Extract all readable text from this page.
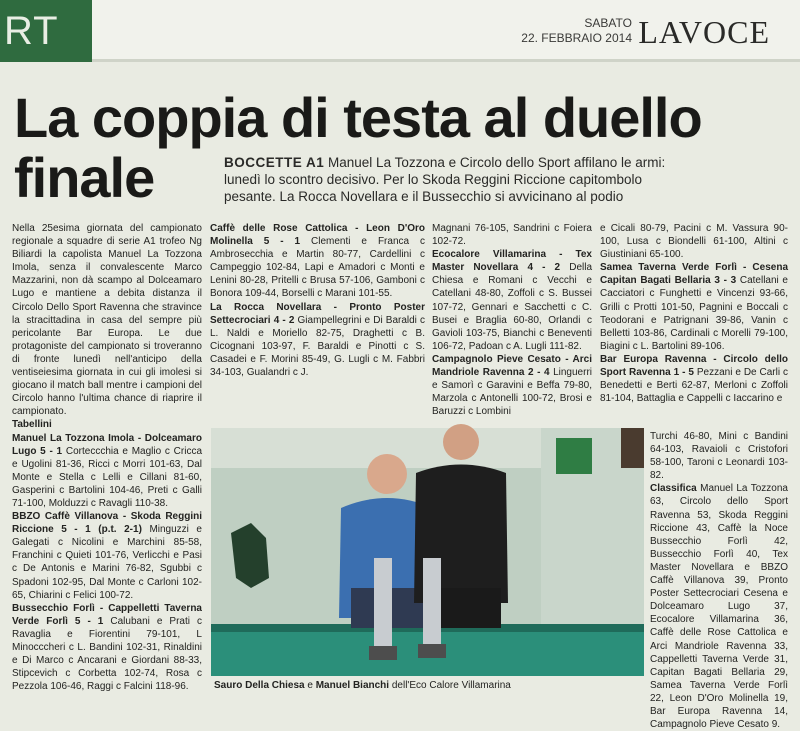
RT	SABATO
22. FEBBRAIO 2014 LAVOCE
La coppia di testa al duello finale	BOCCETTE A1 Manuel La Tozzona e Circolo dello Sport affilano le armi: lunedì lo scontro decisivo. Per lo Skoda Reggini Riccione capitombolo pesante. La Rocca Novellara e il Bussecchio si avvicinano al podio

Nella 25esima giornata del campionato regionale a squadre di serie A1 trofeo Ng Biliardi la capolista Manuel La Tozzona Imola, senza il convalescente Marco Mazzarini, non dà scampo al Dolceamaro Lugo e mantiene a debita distanza il Circolo Dello Sport Ravenna che stravince la stracittadina in casa del sempre più pericolante Bar Europa. Le due protagoniste del campionato si troveranno di fronte lunedì nell'anticipo della ventiseiesima giornata in cui gli imolesi si giocano il match ball mentre i campioni del Circolo hanno l'ultima chance di riaprire il campionato.

Tabellini

Manuel La Tozzona Imola - Dolceamaro Lugo 5 - 1 Corteccchia e Maglio c Cricca e Ugolini 81-36, Ricci c Morri 101-63, Dal Monte e Stella c Lelli e Cillani 81-60, Gasperini c Bartolini 104-46, Preti c Galli 71-100, Molduzzi c Ravagli 110-38.

BBZO Caffè Villanova - Skoda Reggini Riccione 5 - 1 (p.t. 2-1) Minguzzi e Galegati c Nicolini e Marchini 85-58, Franchini c Quieti 101-76, Verlicchi e Pasi c De Antonis e Marini 76-82, Sgubbi c Spadoni 102-95, Dal Monte c Carloni 102-65, Chiarini c Felici 100-72.

Bussecchio Forlì - Cappelletti Taverna Verde Forlì 5 - 1 Calubani e Prati c Ravaglia e Fiorentini 79-101, L Minocccheri c L. Bandini 102-31, Rinaldini e Di Marco c Ancarani e Giordani 88-33, Stipcevich c Corbetta 102-74, Rosa c Pezzola 106-46, Raggi c Falcini 118-96.

Caffè delle Rose Cattolica - Leon D'Oro Molinella 5 - 1 Clementi e Franca c Ambrosecchia e Martin 80-77, Cardellini c Campeggio 102-84, Lapi e Amadori c Monti e Lenini 80-28, Pritelli c Brusa 57-106, Gamboni c Bonora 109-44, Borselli c Marani 101-55.

La Rocca Novellara - Pronto Poster Settecrociari 4 - 2 Giampellegrini e Di Baraldi c L. Naldi e Moriello 82-75, Draghetti c B. Cicognani 103-97, F. Baraldi e Pinotti c S. Casadei e F. Morini 85-49, G. Lugli c M. Fabbri 34-103, Gualandri c J.

Magnani 76-105, Sandrini c Foiera 102-72.

Ecocalore Villamarina - Tex Master Novellara 4 - 2 Della Chiesa e Romani c Vecchi e Catellani 48-80, Zoffoli c S. Bussei 107-72, Gennari e Sacchetti c C. Busei e Braglia 60-80, Orlandi c Gavioli 103-75, Bianchi c Beneventi 106-72, Padoan c A. Lugli 111-82.

Campagnolo Pieve Cesato - Arci Mandriole Ravenna 2 - 4 Linguerri e Samorì c Garavini e Beffa 79-80, Marzola c Antonelli 100-72, Brosi e Baruzzi c Lombini

e Cicali 80-79, Pacini c M. Vassura 90-100, Lusa c Biondelli 61-100, Altini c Giustiniani 65-100.

Samea Taverna Verde Forlì - Cesena Capitan Bagati Bellaria 3 - 3 Catellani e Cacciatori c Funghetti e Vincenzi 93-66, Grilli c Protti 101-50, Pagnini e Boccali c Teodorani e Patrignani 39-86, Vanin c Belletti 103-86, Cardinali c Morelli 79-100, Biagini c L. Bartolini 89-106.

Bar Europa Ravenna - Circolo dello Sport Ravenna 1 - 5 Pezzani e De Carli c Benedetti e Berti 62-87, Merloni c Zoffoli 81-104, Battaglia e Cappelli c Iaccarino e

Turchi 46-80, Mini c Bandini 64-103, Ravaioli c Cristofori 58-100, Taroni c Leonardi 103-82.

Classifica Manuel La Tozzona 63, Circolo dello Sport Ravenna 53, Skoda Reggini Riccione 43, Caffè la Noce Bussecchio Forlì 42, Bussecchio Forlì 40, Tex Master Novellara e BBZO Caffè Villanova 39, Pronto Poster Settecrociari Cesena e Dolceamaro Lugo 37, Ecocalore Villamarina 36, Caffè delle Rose Cattolica e Arci Mandriole Ravenna 33, Cappelletti Taverna Verde 31, Capitan Bagati Bellaria 29, Samea Taverna Verde Forlì 22, Leon D'Oro Molinella 19, Bar Europa Ravenna 14, Campagnolo Pieve Cesato 9.

Sauro Della Chiesa e Manuel Bianchi dell'Eco Calore Villamarina
